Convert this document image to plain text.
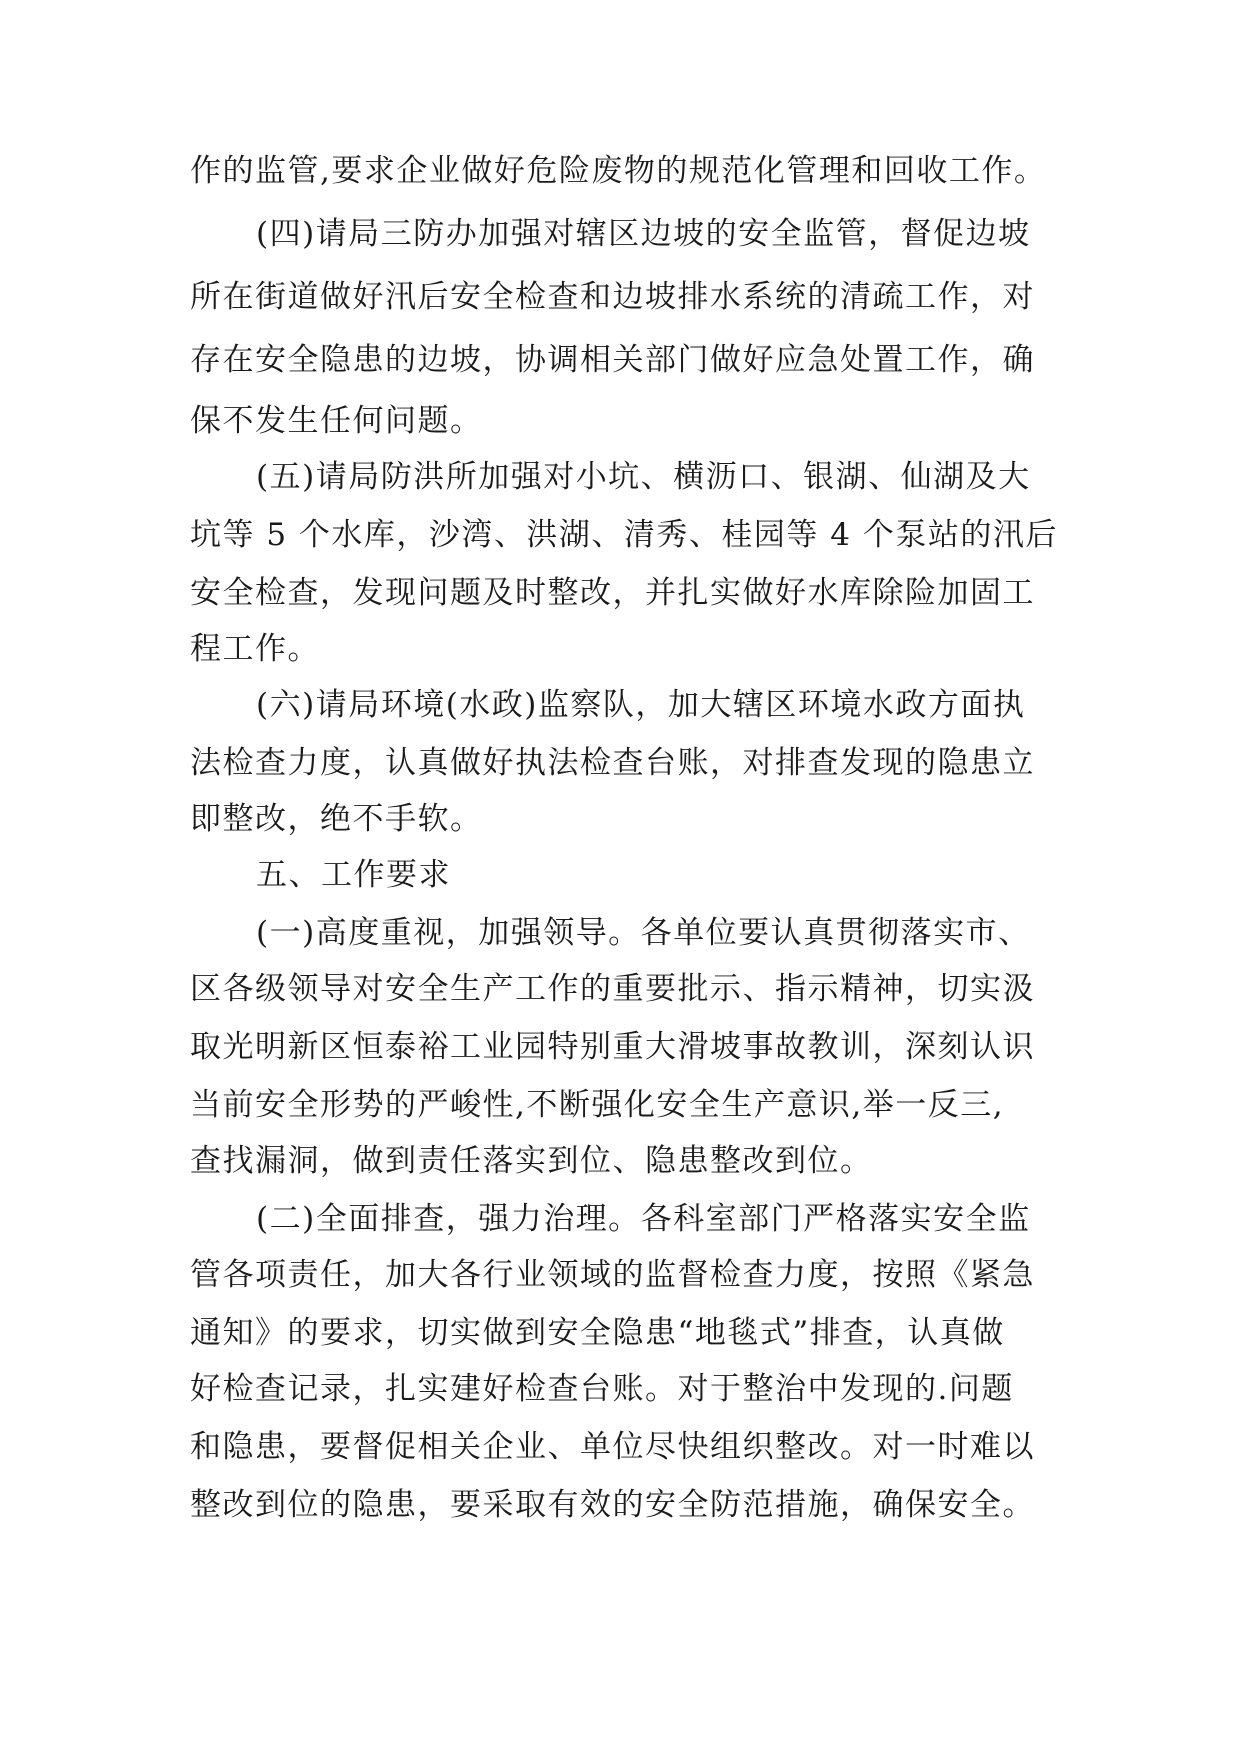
作的监管,要求企业做好危险废物的规范化管理和回收工作。
(四)请局三防办加强对辖区边坡的安全监管，督促边坡
所在街道做好汛后安全检查和边坡排水系统的清疏工作，对
存在安全隐患的边坡，协调相关部门做好应急处置工作，确
保不发生任何问题。
(五)请局防洪所加强对小坑、横沥口、银湖、仙湖及大
坑等 5 个水库，沙湾、洪湖、清秀、桂园等 4 个泵站的汛后
安全检查，发现问题及时整改，并扎实做好水库除险加固工
程工作。
(六)请局环境(水政)监察队，加大辖区环境水政方面执
法检查力度，认真做好执法检查台账，对排查发现的隐患立
即整改，绝不手软。
五、工作要求
(一)高度重视，加强领导。各单位要认真贯彻落实市、
区各级领导对安全生产工作的重要批示、指示精神，切实汲
取光明新区恒泰裕工业园特别重大滑坡事故教训，深刻认识
当前安全形势的严峻性,不断强化安全生产意识,举一反三,
查找漏洞，做到责任落实到位、隐患整改到位。
(二)全面排查，强力治理。各科室部门严格落实安全监
管各项责任，加大各行业领域的监督检查力度，按照《紧急
通知》的要求，切实做到安全隐患“地毯式”排查，认真做
好检查记录，扎实建好检查台账。对于整治中发现的.问题
和隐患，要督促相关企业、单位尽快组织整改。对一时难以
整改到位的隐患，要采取有效的安全防范措施，确保安全。
